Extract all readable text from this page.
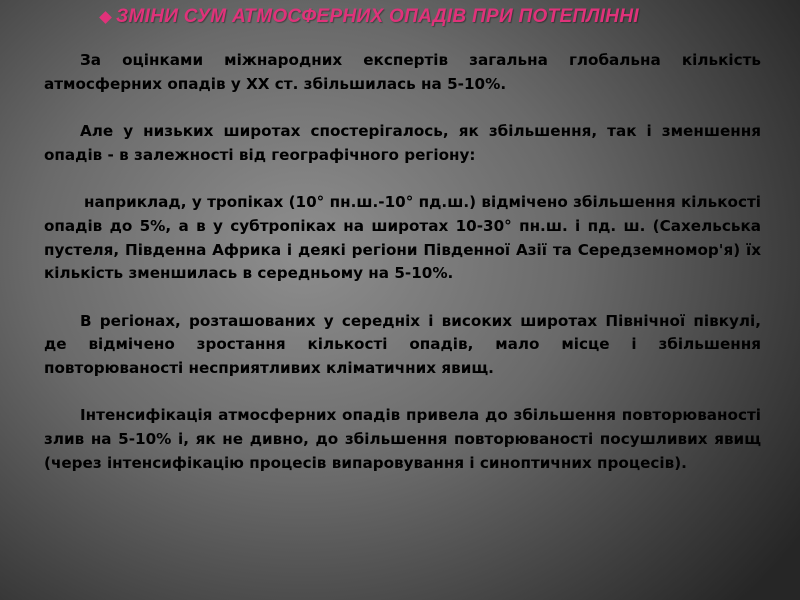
ЗМІНИ СУМ АТМОСФЕРНИХ ОПАДІВ ПРИ ПОТЕПЛІННІ

За оцінками міжнародних експертів загальна глобальна кількість атмосферних опадів у XX ст. збільшилась на 5-10%.

Але у низьких широтах спостерігалось, як збільшення, так і зменшення опадів - в залежності від географічного регіону:

наприклад, у тропіках (10° пн.ш.-10° пд.ш.) відмічено збільшення кількості опадів до 5%, а в у субтропіках на широтах 10-30° пн.ш. і пд. ш. (Сахельська пустеля, Південна Африка і деякі регіони Південної Азії та Середземномор'я) їх кількість зменшилась в середньому на 5-10%.

В регіонах, розташованих у середніх і високих широтах Північної півкулі, де відмічено зростання кількості опадів, мало місце і збільшення повторюваності несприятливих кліматичних явищ.

Інтенсифікація атмосферних опадів привела до збільшення повторюваності злив на 5-10% і, як не дивно, до збільшення повторюваності посушливих явищ (через інтенсифікацію процесів випаровування і синоптичних процесів).
